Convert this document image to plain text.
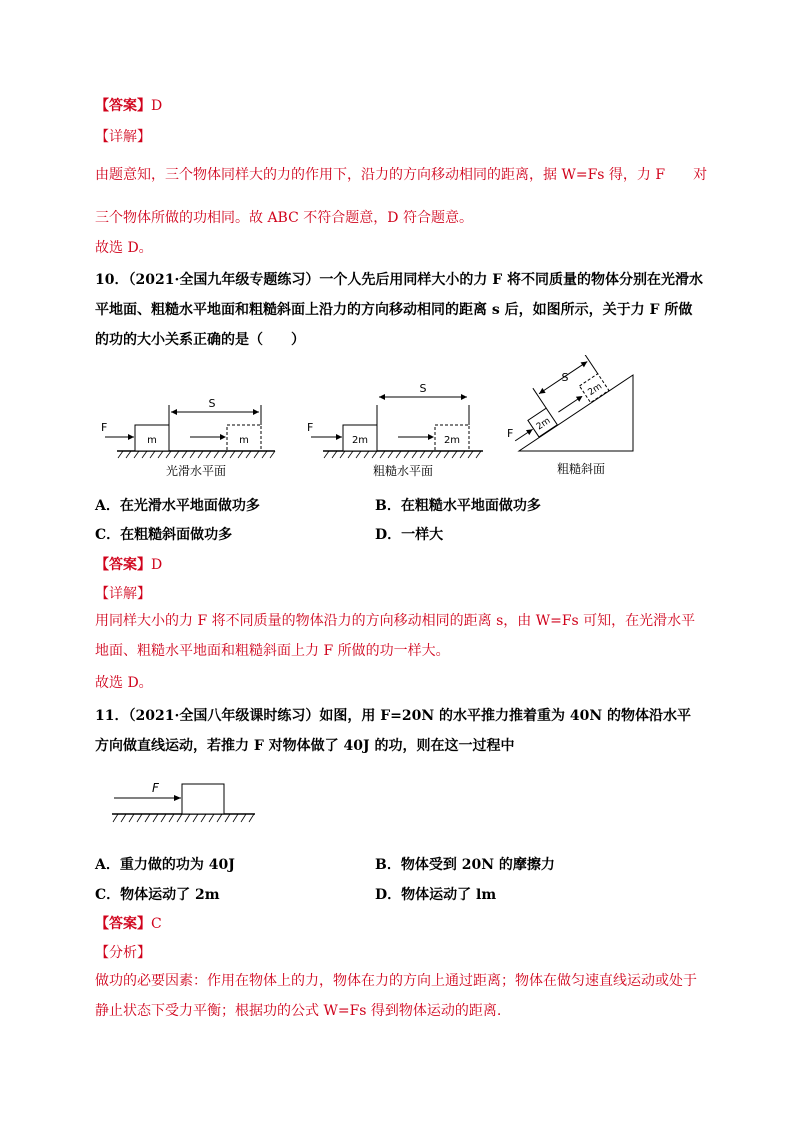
【答案】D
【详解】
由题意知，三个物体同样大的力的作用下，沿力的方向移动相同的距离，据 W=Fs 得，力 F　　对
三个物体所做的功相同。故 ABC 不符合题意，D 符合题意。
故选 D。
10．（2021·全国九年级专题练习）一个人先后用同样大小的力 F 将不同质量的物体分别在光滑水平地面、粗糙水平地面和粗糙斜面上沿力的方向移动相同的距离 s 后，如图所示，关于力 F 所做的功的大小关系正确的是（　　）
m
F
m
S
光滑水平面
2m
F
2m
S
粗糙水平面
2m
2m
F
S
粗糙斜面
A．在光滑水平地面做功多	B．在粗糙水平地面做功多
C．在粗糙斜面做功多	D．一样大
【答案】D
【详解】
用同样大小的力 F 将不同质量的物体沿力的方向移动相同的距离 s，由 W=Fs 可知，在光滑水平地面、粗糙水平地面和粗糙斜面上力 F 所做的功一样大。
故选 D。
11．（2021·全国八年级课时练习）如图，用 F=20N 的水平推力推着重为 40N 的物体沿水平方向做直线运动，若推力 F 对物体做了 40J 的功，则在这一过程中
F
A．重力做的功为 40J	B．物体受到 20N 的摩擦力
C．物体运动了 2m	D．物体运动了 lm
【答案】C
【分析】
做功的必要因素：作用在物体上的力，物体在力的方向上通过距离；物体在做匀速直线运动或处于静止状态下受力平衡；根据功的公式 W=Fs 得到物体运动的距离.
